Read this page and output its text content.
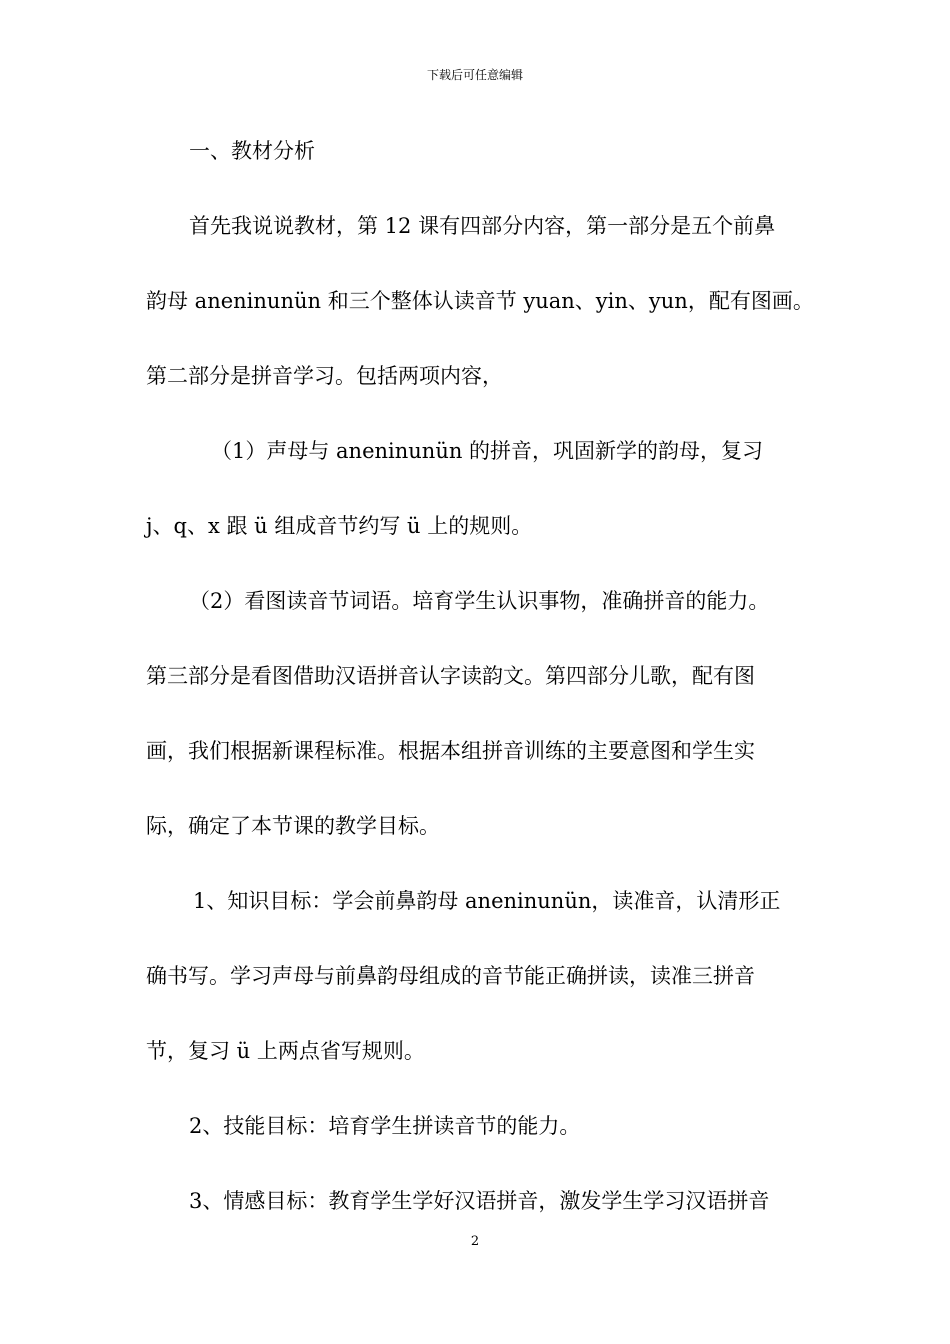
下载后可任意编辑
一、教材分析
首先我说说教材，第 12 课有四部分内容，第一部分是五个前鼻
韵母 aneninunün 和三个整体认读音节 yuan、yin、yun，配有图画。
第二部分是拼音学习。包括两项内容，
（1）声母与 aneninunün 的拼音，巩固新学的韵母，复习
j、q、x 跟 ü 组成音节约写 ü 上的规则。
（2）看图读音节词语。培育学生认识事物，准确拼音的能力。
第三部分是看图借助汉语拼音认字读韵文。第四部分儿歌，配有图
画，我们根据新课程标准。根据本组拼音训练的主要意图和学生实
际，确定了本节课的教学目标。
1、知识目标：学会前鼻韵母 aneninunün，读准音，认清形正
确书写。学习声母与前鼻韵母组成的音节能正确拼读，读准三拼音
节，复习 ü 上两点省写规则。
2、技能目标：培育学生拼读音节的能力。
3、情感目标：教育学生学好汉语拼音，激发学生学习汉语拼音
2
